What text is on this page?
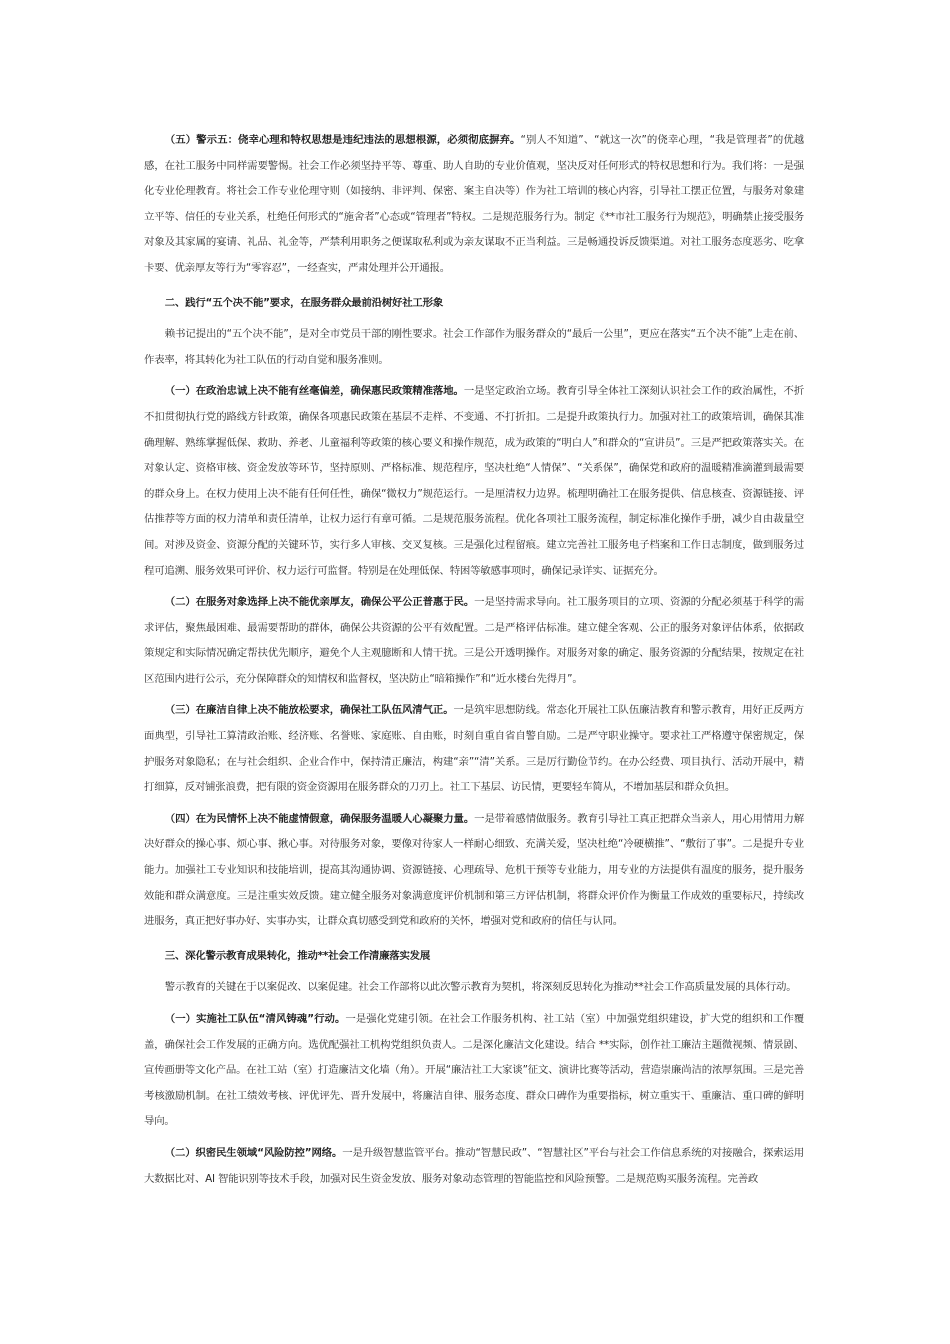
（五）警示五：侥幸心理和特权思想是违纪违法的思想根源，必须彻底摒弃。“别人不知道”、“就这一次”的侥幸心理，“我是管理者”的优越感，在社工服务中同样需要警惕。社会工作必须坚持平等、尊重、助人自助的专业价值观，坚决反对任何形式的特权思想和行为。我们将：一是强化专业伦理教育。将社会工作专业伦理守则（如接纳、非评判、保密、案主自决等）作为社工培训的核心内容，引导社工摆正位置，与服务对象建立平等、信任的专业关系，杜绝任何形式的“施舍者”心态或“管理者”特权。二是规范服务行为。制定《**市社工服务行为规范》，明确禁止接受服务对象及其家属的宴请、礼品、礼金等，严禁利用职务之便谋取私利或为亲友谋取不正当利益。三是畅通投诉反馈渠道。对社工服务态度恶劣、吃拿卡要、优亲厚友等行为“零容忍”，一经查实，严肃处理并公开通报。

二、践行“五个决不能”要求，在服务群众最前沿树好社工形象

赖书记提出的“五个决不能”，是对全市党员干部的刚性要求。社会工作部作为服务群众的“最后一公里”，更应在落实“五个决不能”上走在前、作表率，将其转化为社工队伍的行动自觉和服务准则。

（一）在政治忠诚上决不能有丝毫偏差，确保惠民政策精准落地。一是坚定政治立场。教育引导全体社工深刻认识社会工作的政治属性，不折不扣贯彻执行党的路线方针政策，确保各项惠民政策在基层不走样、不变通、不打折扣。二是提升政策执行力。加强对社工的政策培训，确保其准确理解、熟练掌握低保、救助、养老、儿童福利等政策的核心要义和操作规范，成为政策的“明白人”和群众的“宣讲员”。三是严把政策落实关。在对象认定、资格审核、资金发放等环节，坚持原则、严格标准、规范程序，坚决杜绝“人情保”、“关系保”，确保党和政府的温暖精准滴灌到最需要的群众身上。在权力使用上决不能有任何任性，确保“微权力”规范运行。一是厘清权力边界。梳理明确社工在服务提供、信息核查、资源链接、评估推荐等方面的权力清单和责任清单，让权力运行有章可循。二是规范服务流程。优化各项社工服务流程，制定标准化操作手册，减少自由裁量空间。对涉及资金、资源分配的关键环节，实行多人审核、交叉复核。三是强化过程留痕。建立完善社工服务电子档案和工作日志制度，做到服务过程可追溯、服务效果可评价、权力运行可监督。特别是在处理低保、特困等敏感事项时，确保记录详实、证据充分。

（二）在服务对象选择上决不能优亲厚友，确保公平公正普惠于民。一是坚持需求导向。社工服务项目的立项、资源的分配必须基于科学的需求评估，聚焦最困难、最需要帮助的群体，确保公共资源的公平有效配置。二是严格评估标准。建立健全客观、公正的服务对象评估体系，依据政策规定和实际情况确定帮扶优先顺序，避免个人主观臆断和人情干扰。三是公开透明操作。对服务对象的确定、服务资源的分配结果，按规定在社区范围内进行公示，充分保障群众的知情权和监督权，坚决防止“暗箱操作”和“近水楼台先得月”。

（三）在廉洁自律上决不能放松要求，确保社工队伍风清气正。一是筑牢思想防线。常态化开展社工队伍廉洁教育和警示教育，用好正反两方面典型，引导社工算清政治账、经济账、名誉账、家庭账、自由账，时刻自重自省自警自励。二是严守职业操守。要求社工严格遵守保密规定，保护服务对象隐私；在与社会组织、企业合作中，保持清正廉洁，构建“亲”“清”关系。三是厉行勤俭节约。在办公经费、项目执行、活动开展中，精打细算，反对铺张浪费，把有限的资金资源用在服务群众的刀刃上。社工下基层、访民情，更要轻车简从，不增加基层和群众负担。

（四）在为民情怀上决不能虚情假意，确保服务温暖人心凝聚力量。一是带着感情做服务。教育引导社工真正把群众当亲人，用心用情用力解决好群众的操心事、烦心事、揪心事。对待服务对象，要像对待家人一样耐心细致、充满关爱，坚决杜绝“冷硬横推”、“敷衍了事”。二是提升专业能力。加强社工专业知识和技能培训，提高其沟通协调、资源链接、心理疏导、危机干预等专业能力，用专业的方法提供有温度的服务，提升服务效能和群众满意度。三是注重实效反馈。建立健全服务对象满意度评价机制和第三方评估机制，将群众评价作为衡量工作成效的重要标尺，持续改进服务，真正把好事办好、实事办实，让群众真切感受到党和政府的关怀，增强对党和政府的信任与认同。

三、深化警示教育成果转化，推动**社会工作清廉落实发展

警示教育的关键在于以案促改、以案促建。社会工作部将以此次警示教育为契机，将深刻反思转化为推动**社会工作高质量发展的具体行动。

（一）实施社工队伍“清风铸魂”行动。一是强化党建引领。在社会工作服务机构、社工站（室）中加强党组织建设，扩大党的组织和工作覆盖，确保社会工作发展的正确方向。选优配强社工机构党组织负责人。二是深化廉洁文化建设。结合 **实际，创作社工廉洁主题微视频、情景剧、宣传画册等文化产品。在社工站（室）打造廉洁文化墙（角）。开展“廉洁社工大家谈”征文、演讲比赛等活动，营造崇廉尚洁的浓厚氛围。三是完善考核激励机制。在社工绩效考核、评优评先、晋升发展中，将廉洁自律、服务态度、群众口碑作为重要指标，树立重实干、重廉洁、重口碑的鲜明导向。

（二）织密民生领域“风险防控”网络。一是升级智慧监管平台。推动“智慧民政”、“智慧社区”平台与社会工作信息系统的对接融合，探索运用大数据比对、AI 智能识别等技术手段，加强对民生资金发放、服务对象动态管理的智能监控和风险预警。二是规范购买服务流程。完善政
